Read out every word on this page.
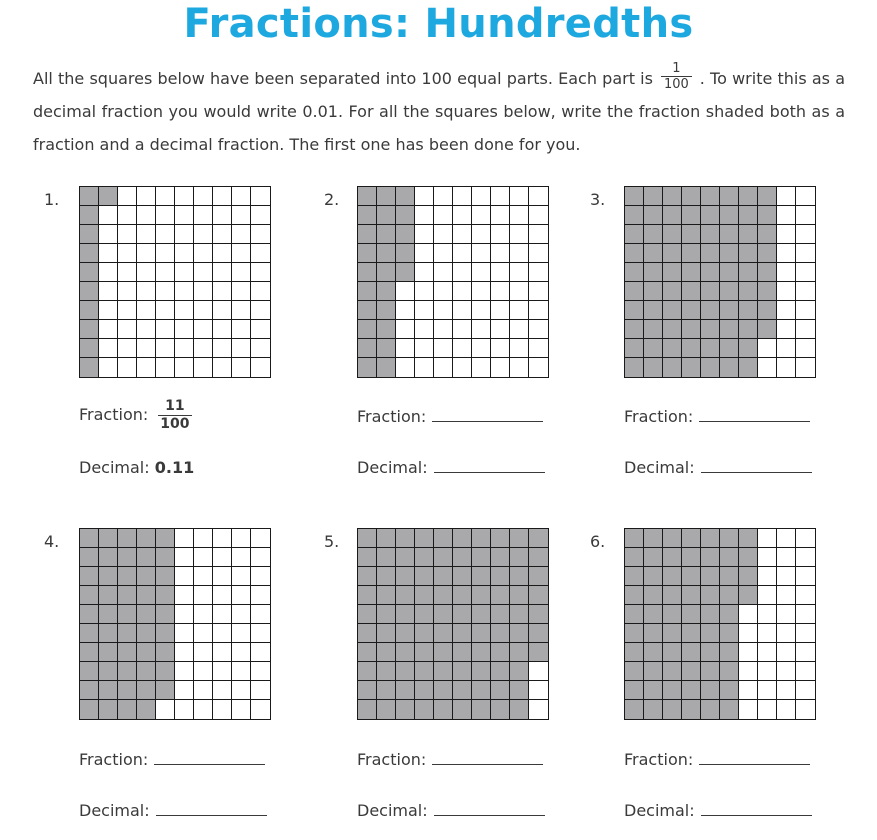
Fractions: Hundredths
All the squares below have been separated into 100 equal parts. Each part is $\frac{1}{100}$ . To write this as a decimal fraction you would write 0.01. For all the squares below, write the fraction shaded both as a fraction and a decimal fraction. The first one has been done for you.
1.
Fraction: $\frac{11}{100}$
Decimal: 0.11
2.
Fraction:
Decimal:
3.
Fraction:
Decimal:
4.
Fraction:
Decimal:
5.
Fraction:
Decimal:
6.
Fraction:
Decimal:
